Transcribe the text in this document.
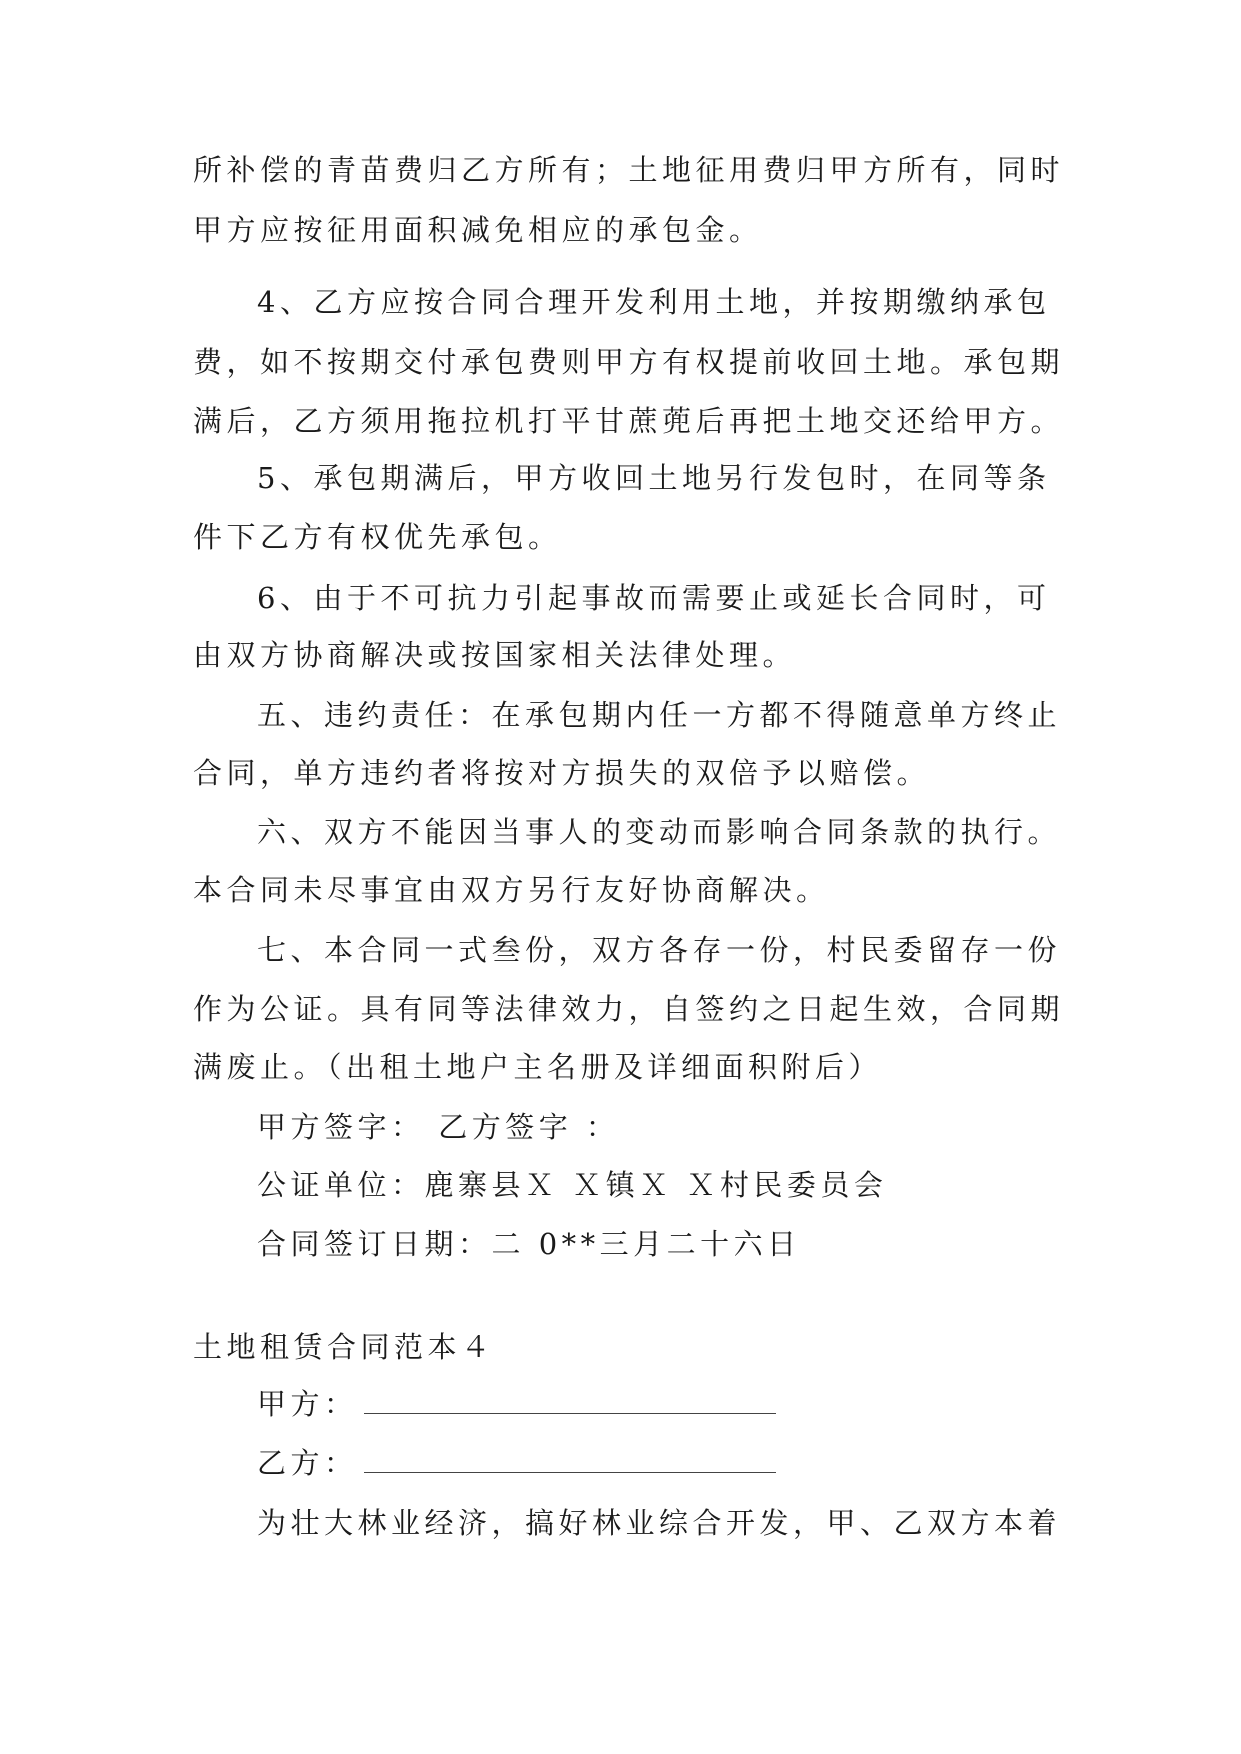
所补偿的青苗费归乙方所有；土地征用费归甲方所有，同时
甲方应按征用面积减免相应的承包金。
4、乙方应按合同合理开发利用土地，并按期缴纳承包
费，如不按期交付承包费则甲方有权提前收回土地。承包期
满后，乙方须用拖拉机打平甘蔗蔸后再把土地交还给甲方。
5、承包期满后，甲方收回土地另行发包时，在同等条
件下乙方有权优先承包。
6、由于不可抗力引起事故而需要止或延长合同时，可
由双方协商解决或按国家相关法律处理。
五、违约责任：在承包期内任一方都不得随意单方终止
合同，单方违约者将按对方损失的双倍予以赔偿。
六、双方不能因当事人的变动而影响合同条款的执行。
本合同未尽事宜由双方另行友好协商解决。
七、本合同一式叁份，双方各存一份，村民委留存一份
作为公证。具有同等法律效力，自签约之日起生效，合同期
满废止。（出租土地户主名册及详细面积附后）
甲方签字： 乙方签字 ：
公证单位：鹿寨县Ｘ Ｘ镇Ｘ Ｘ村民委员会
合同签订日期：二 0**三月二十六日
土地租赁合同范本４
甲方：
乙方：
为壮大林业经济，搞好林业综合开发，甲、乙双方本着
